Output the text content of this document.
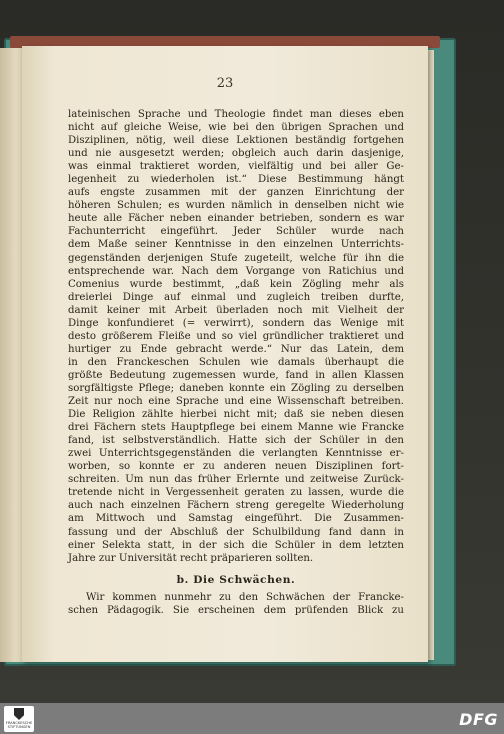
23
lateinischen Sprache und Theologie findet man dieses eben
nicht auf gleiche Weise, wie bei den übrigen Sprachen und
Disziplinen, nötig, weil diese Lektionen beständig fortgehen
und nie ausgesetzt werden; obgleich auch darin dasjenige,
was einmal traktieret worden, vielfältig und bei aller Ge-
legenheit zu wiederholen ist.“ Diese Bestimmung hängt
aufs engste zusammen mit der ganzen Einrichtung der
höheren Schulen; es wurden nämlich in denselben nicht wie
heute alle Fächer neben einander betrieben, sondern es war
Fachunterricht eingeführt. Jeder Schüler wurde nach
dem Maße seiner Kenntnisse in den einzelnen Unterrichts-
gegenständen derjenigen Stufe zugeteilt, welche für ihn die
entsprechende war. Nach dem Vorgange von Ratichius und
Comenius wurde bestimmt, „daß kein Zögling mehr als
dreierlei Dinge auf einmal und zugleich treiben durfte,
damit keiner mit Arbeit überladen noch mit Vielheit der
Dinge konfundieret (= verwirrt), sondern das Wenige mit
desto größerem Fleiße und so viel gründlicher traktieret und
hurtiger zu Ende gebracht werde.“ Nur das Latein, dem
in den Franckeschen Schulen wie damals überhaupt die
größte Bedeutung zugemessen wurde, fand in allen Klassen
sorgfältigste Pflege; daneben konnte ein Zögling zu derselben
Zeit nur noch eine Sprache und eine Wissenschaft betreiben.
Die Religion zählte hierbei nicht mit; daß sie neben diesen
drei Fächern stets Hauptpflege bei einem Manne wie Francke
fand, ist selbstverständlich. Hatte sich der Schüler in den
zwei Unterrichtsgegenständen die verlangten Kenntnisse er-
worben, so konnte er zu anderen neuen Disziplinen fort-
schreiten. Um nun das früher Erlernte und zeitweise Zurück-
tretende nicht in Vergessenheit geraten zu lassen, wurde die
auch nach einzelnen Fächern streng geregelte Wiederholung
am Mittwoch und Samstag eingeführt. Die Zusammen-
fassung und der Abschluß der Schulbildung fand dann in
einer Selekta statt, in der sich die Schüler in dem letzten
Jahre zur Universität recht präparieren sollten.
b. Die Schwächen.
Wir kommen nunmehr zu den Schwächen der Francke-
schen Pädagogik. Sie erscheinen dem prüfenden Blick zu
FRANCKESCHE STIFTUNGEN	DFG
